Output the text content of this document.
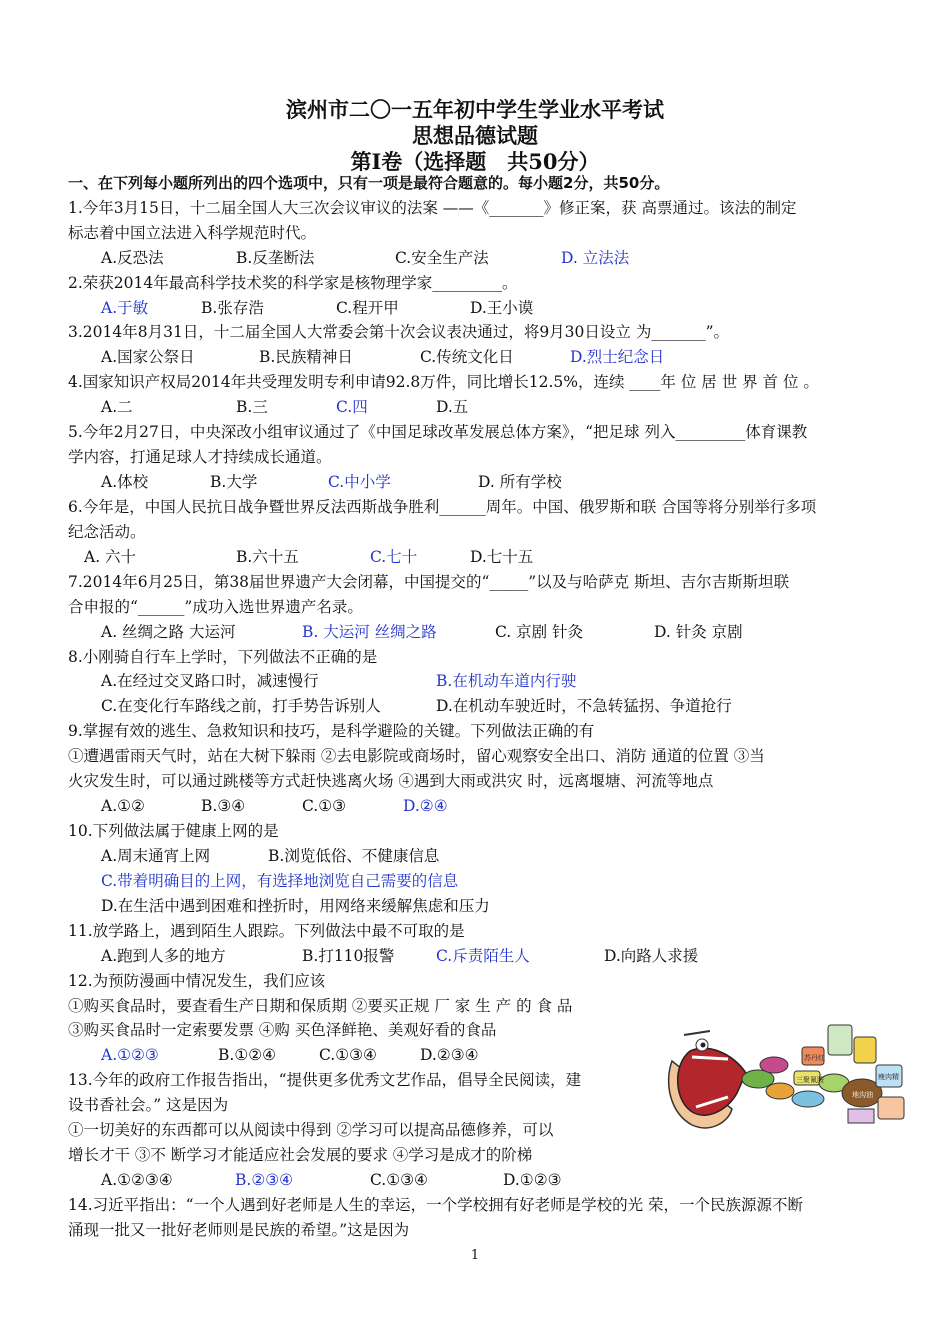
滨州市二〇一五年初中学生学业水平考试
思想品德试题
第Ⅰ卷（选择题　共50分）
一、在下列每小题所列出的四个选项中，只有一项是最符合题意的。每小题2分，共50分。
1.今年3月15日，十二届全国人大三次会议审议的法案 ——《_______》修正案，获 高票通过。该法的制定
标志着中国立法进入科学规范时代。
A.反恐法	B.反垄断法	C.安全生产法	D. 立法法
2.荣获2014年最高科学技术奖的科学家是核物理学家_________。
A.于敏	B.张存浩	C.程开甲	D.王小谟
3.2014年8月31日，十二届全国人大常委会第十次会议表决通过，将9月30日设立 为_______”。
A.国家公祭日	B.民族精神日	C.传统文化日	D.烈士纪念日
4.国家知识产权局2014年共受理发明专利申请92.8万件，同比增长12.5%，连续 ____年 位 居 世 界 首 位 。
A.二	B.三	C.四	D.五
5.今年2月27日，中央深改小组审议通过了《中国足球改革发展总体方案》，“把足球 列入_________体育课教
学内容，打通足球人才持续成长通道。
A.体校	B.大学	C.中小学	D. 所有学校
6.今年是，中国人民抗日战争暨世界反法西斯战争胜利______周年。中国、俄罗斯和联 合国等将分别举行多项
纪念活动。
A. 六十	B.六十五	C.七十	D.七十五
7.2014年6月25日，第38届世界遗产大会闭幕，中国提交的“_____”以及与哈萨克 斯坦、吉尔吉斯斯坦联
合申报的“______”成功入选世界遗产名录。
A. 丝绸之路 大运河	B. 大运河 丝绸之路	C. 京剧 针灸	D. 针灸 京剧
8.小刚骑自行车上学时，下列做法不正确的是
A.在经过交叉路口时，减速慢行	B.在机动车道内行驶
C.在变化行车路线之前，打手势告诉别人	D.在机动车驶近时，不急转猛拐、争道抢行
9.掌握有效的逃生、急救知识和技巧，是科学避险的关键。下列做法正确的有
①遭遇雷雨天气时，站在大树下躲雨 ②去电影院或商场时，留心观察安全出口、消防 通道的位置 ③当
火灾发生时，可以通过跳楼等方式赶快逃离火场 ④遇到大雨或洪灾 时，远离堰塘、河流等地点
A.①②	B.③④	C.①③	D.②④
10.下列做法属于健康上网的是
A.周末通宵上网	B.浏览低俗、不健康信息
C.带着明确目的上网，有选择地浏览自己需要的信息
D.在生活中遇到困难和挫折时，用网络来缓解焦虑和压力
11.放学路上，遇到陌生人跟踪。下列做法中最不可取的是
A.跑到人多的地方	B.打110报警	C.斥责陌生人	D.向路人求援
12.为预防漫画中情况发生，我们应该
①购买食品时，要查看生产日期和保质期 ②要买正规 厂 家 生 产 的 食 品
③购买食品时一定索要发票 ④购 买色泽鲜艳、美观好看的食品
A.①②③	B.①②④	C.①③④	D.②③④
13.今年的政府工作报告指出，“提供更多优秀文艺作品，倡导全民阅读，建
设书香社会。” 这是因为
①一切美好的东西都可以从阅读中得到 ②学习可以提高品德修养，可以
增长才干 ③不 断学习才能适应社会发展的要求 ④学习是成才的阶梯
A.①②③④	B.②③④	C.①③④	D.①②③
14.习近平指出：“一个人遇到好老师是人生的幸运，一个学校拥有好老师是学校的光 荣，一个民族源源不断
涌现一批又一批好老师则是民族的希望。”这是因为
苏丹红
三聚氰胺
地沟油
瘦肉精
1
